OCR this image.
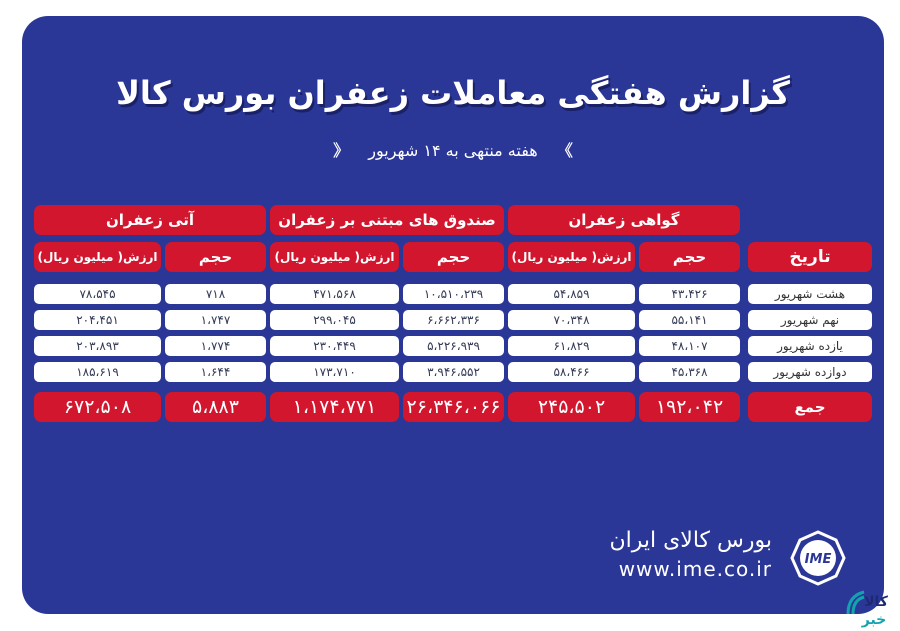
گزارش هفتگی معاملات زعفران بورس کالا
》 هفته منتهی به ۱۴ شهریور 《
گواهی زعفران
صندوق های مبتنی بر زعفران
آتی زعفران
تاریخ
حجم
ارزش( میلیون ریال)
حجم
ارزش( میلیون ریال)
حجم
ارزش( میلیون ریال)
هشت شهریور
۴۳،۴۲۶
۵۴،۸۵۹
۱۰،۵۱۰،۲۳۹
۴۷۱،۵۶۸
۷۱۸
۷۸،۵۴۵
نهم شهریور
۵۵،۱۴۱
۷۰،۳۴۸
۶،۶۶۲،۳۳۶
۲۹۹،۰۴۵
۱،۷۴۷
۲۰۴،۴۵۱
یازده شهریور
۴۸،۱۰۷
۶۱،۸۲۹
۵،۲۲۶،۹۳۹
۲۳۰،۴۴۹
۱،۷۷۴
۲۰۳،۸۹۳
دوازده شهریور
۴۵،۳۶۸
۵۸،۴۶۶
۳،۹۴۶،۵۵۲
۱۷۳،۷۱۰
۱،۶۴۴
۱۸۵،۶۱۹
جمع
۱۹۲،۰۴۲
۲۴۵،۵۰۲
۲۶،۳۴۶،۰۶۶
۱،۱۷۴،۷۷۱
۵،۸۸۳
۶۷۲،۵۰۸
بورس کالای ایران
www.ime.co.ir	IME
کالا
خبر
